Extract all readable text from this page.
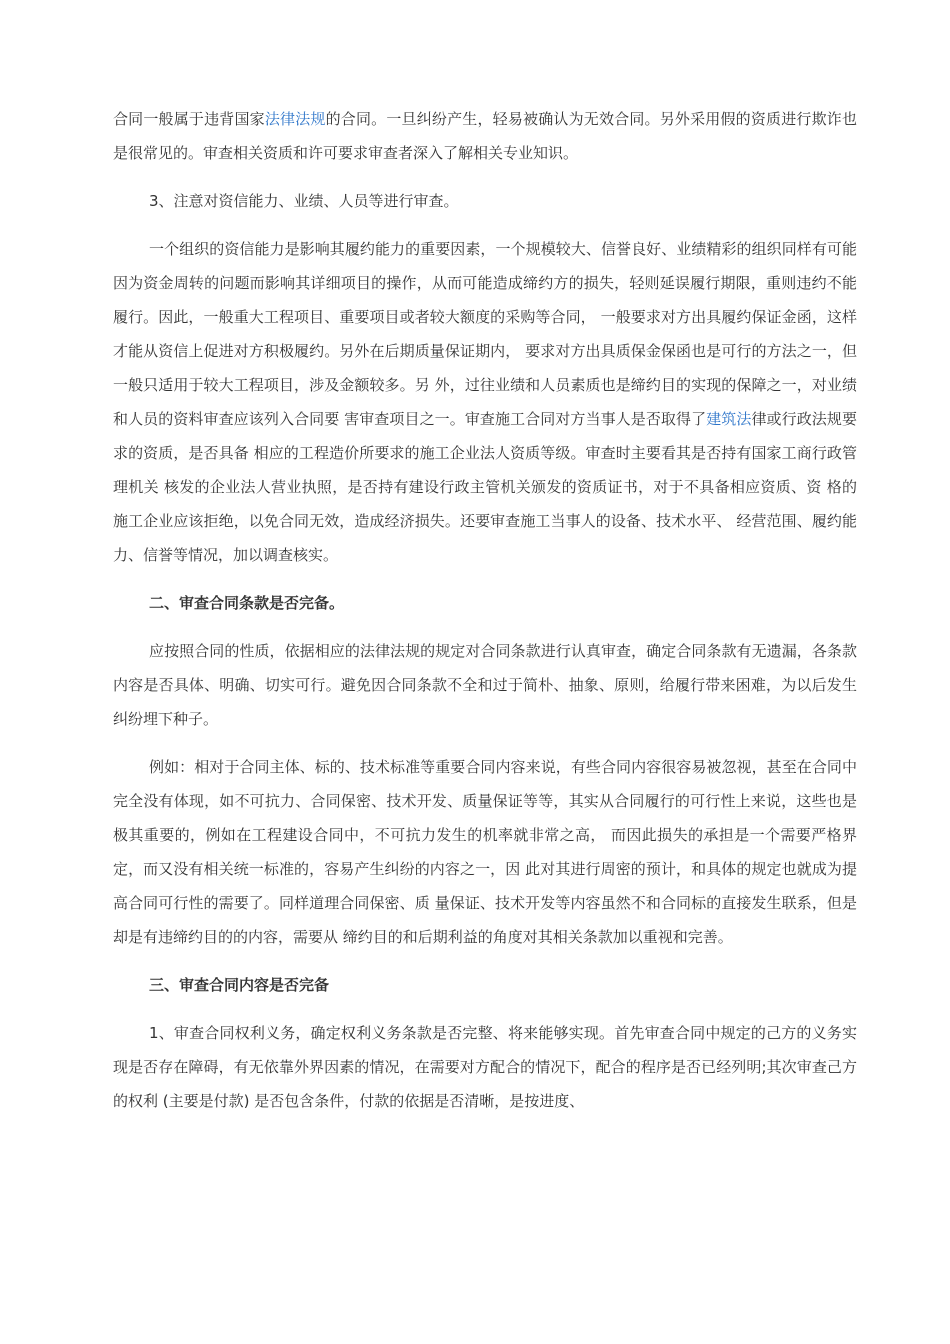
合同一般属于违背国家法律法规的合同。一旦纠纷产生，轻易被确认为无效合同。另外采用假的资质进行欺诈也是很常见的。审查相关资质和许可要求审查者深入了解相关专业知识。

3、注意对资信能力、业绩、人员等进行审查。

一个组织的资信能力是影响其履约能力的重要因素，一个规模较大、信誉良好、业绩精彩的组织同样有可能因为资金周转的问题而影响其详细项目的操作，从而可能造成缔约方的损失，轻则延误履行期限，重则违约不能履行。因此，一般重大工程项目、重要项目或者较大额度的采购等合同， 一般要求对方出具履约保证金函，这样才能从资信上促进对方积极履约。另外在后期质量保证期内， 要求对方出具质保金保函也是可行的方法之一，但一般只适用于较大工程项目，涉及金额较多。另 外，过往业绩和人员素质也是缔约目的实现的保障之一，对业绩和人员的资料审查应该列入合同要 害审查项目之一。审查施工合同对方当事人是否取得了建筑法律或行政法规要求的资质，是否具备 相应的工程造价所要求的施工企业法人资质等级。审查时主要看其是否持有国家工商行政管理机关 核发的企业法人营业执照，是否持有建设行政主管机关颁发的资质证书，对于不具备相应资质、资 格的施工企业应该拒绝，以免合同无效，造成经济损失。还要审查施工当事人的设备、技术水平、 经营范围、履约能力、信誉等情况，加以调查核实。

二、审查合同条款是否完备。

应按照合同的性质，依据相应的法律法规的规定对合同条款进行认真审查，确定合同条款有无遗漏，各条款内容是否具体、明确、切实可行。避免因合同条款不全和过于简朴、抽象、原则，给履行带来困难，为以后发生纠纷埋下种子。

例如：相对于合同主体、标的、技术标准等重要合同内容来说，有些合同内容很容易被忽视，甚至在合同中完全没有体现，如不可抗力、合同保密、技术开发、质量保证等等，其实从合同履行的可行性上来说，这些也是极其重要的，例如在工程建设合同中，不可抗力发生的机率就非常之高， 而因此损失的承担是一个需要严格界定，而又没有相关统一标准的，容易产生纠纷的内容之一，因 此对其进行周密的预计，和具体的规定也就成为提高合同可行性的需要了。同样道理合同保密、质 量保证、技术开发等内容虽然不和合同标的直接发生联系，但是却是有违缔约目的的内容，需要从 缔约目的和后期利益的角度对其相关条款加以重视和完善。

三、审查合同内容是否完备

1、审查合同权利义务，确定权利义务条款是否完整、将来能够实现。首先审查合同中规定的己方的义务实现是否存在障碍，有无依靠外界因素的情况，在需要对方配合的情况下，配合的程序是否已经列明;其次审查己方的权利 (主要是付款) 是否包含条件，付款的依据是否清晰，是按进度、
